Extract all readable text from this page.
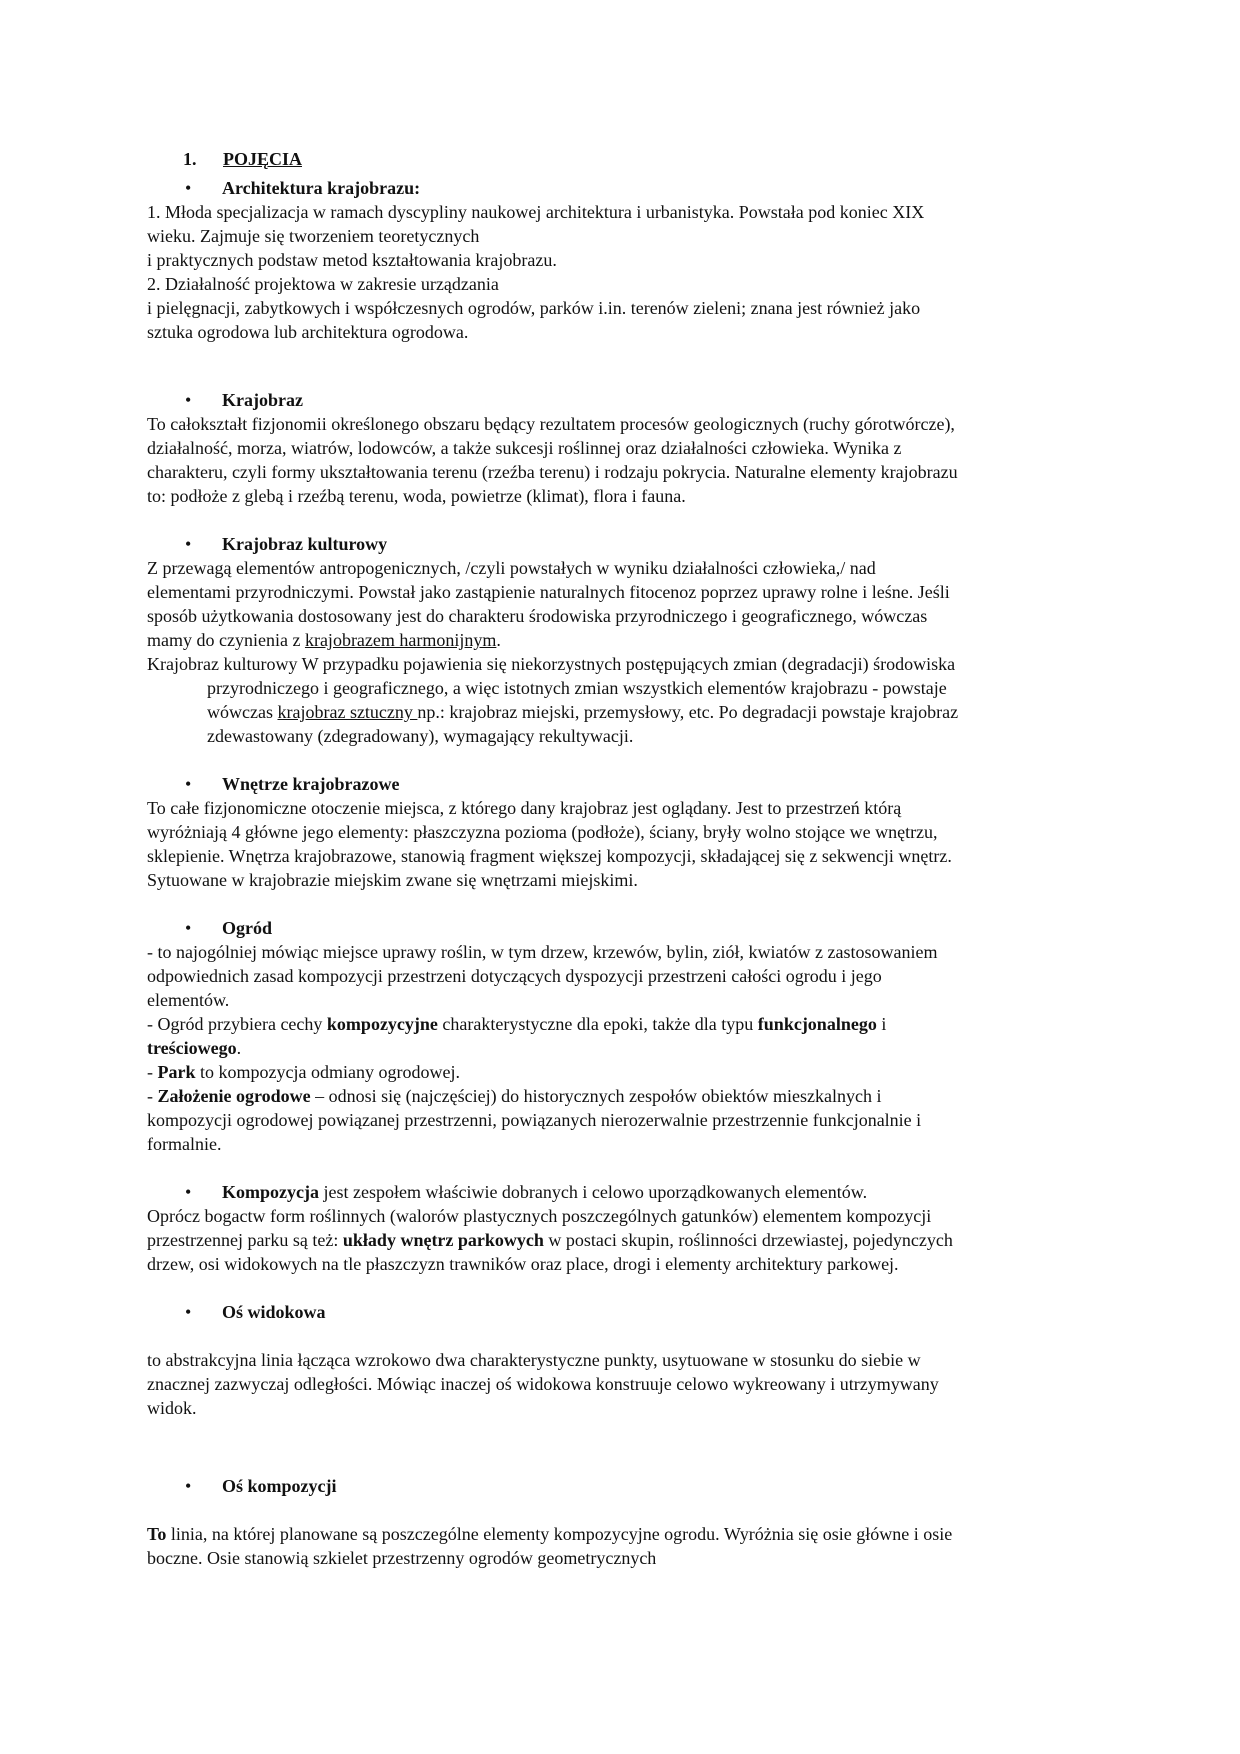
1. POJĘCIA

• Architektura krajobrazu:

1. Młoda specjalizacja w ramach dyscypliny naukowej architektura i urbanistyka. Powstała pod koniec XIX

wieku. Zajmuje się tworzeniem teoretycznych

i praktycznych podstaw metod kształtowania krajobrazu.

2. Działalność projektowa w zakresie urządzania

i pielęgnacji, zabytkowych i współczesnych ogrodów, parków i.in. terenów zieleni; znana jest również jako

sztuka ogrodowa lub architektura ogrodowa.

• Krajobraz

To całokształt fizjonomii określonego obszaru będący rezultatem procesów geologicznych (ruchy górotwórcze),

działalność, morza, wiatrów, lodowców, a także sukcesji roślinnej oraz działalności człowieka. Wynika z

charakteru, czyli formy ukształtowania terenu (rzeźba terenu) i rodzaju pokrycia. Naturalne elementy krajobrazu

to: podłoże z glebą i rzeźbą terenu, woda, powietrze (klimat), flora i fauna.

• Krajobraz kulturowy

Z przewagą elementów antropogenicznych, /czyli powstałych w wyniku działalności człowieka,/ nad

elementami przyrodniczymi. Powstał jako zastąpienie naturalnych fitocenoz poprzez uprawy rolne i leśne. Jeśli

sposób użytkowania dostosowany jest do charakteru środowiska przyrodniczego i geograficznego, wówczas

mamy do czynienia z krajobrazem harmonijnym.

Krajobraz kulturowy W przypadku pojawienia się niekorzystnych postępujących zmian (degradacji) środowiska

przyrodniczego i geograficznego, a więc istotnych zmian wszystkich elementów krajobrazu - powstaje

wówczas krajobraz sztuczny np.: krajobraz miejski, przemysłowy, etc. Po degradacji powstaje krajobraz

zdewastowany (zdegradowany), wymagający rekultywacji.

• Wnętrze krajobrazowe

To całe fizjonomiczne otoczenie miejsca, z którego dany krajobraz jest oglądany. Jest to przestrzeń którą

wyróżniają 4 główne jego elementy: płaszczyzna pozioma (podłoże), ściany, bryły wolno stojące we wnętrzu,

sklepienie. Wnętrza krajobrazowe, stanowią fragment większej kompozycji, składającej się z sekwencji wnętrz.

Sytuowane w krajobrazie miejskim zwane się wnętrzami miejskimi.

• Ogród

- to najogólniej mówiąc miejsce uprawy roślin, w tym drzew, krzewów, bylin, ziół, kwiatów z zastosowaniem

odpowiednich zasad kompozycji przestrzeni dotyczących dyspozycji przestrzeni całości ogrodu i jego

elementów.

- Ogród przybiera cechy kompozycyjne charakterystyczne dla epoki, także dla typu funkcjonalnego i

treściowego.

- Park to kompozycja odmiany ogrodowej.

- Założenie ogrodowe – odnosi się (najczęściej) do historycznych zespołów obiektów mieszkalnych i

kompozycji ogrodowej powiązanej przestrzenni, powiązanych nierozerwalnie przestrzennie funkcjonalnie i

formalnie.

• Kompozycja jest zespołem właściwie dobranych i celowo uporządkowanych elementów.

Oprócz bogactw form roślinnych (walorów plastycznych poszczególnych gatunków) elementem kompozycji

przestrzennej parku są też: układy wnętrz parkowych w postaci skupin, roślinności drzewiastej, pojedynczych

drzew, osi widokowych na tle płaszczyzn trawników oraz place, drogi i elementy architektury parkowej.

• Oś widokowa

to abstrakcyjna linia łącząca wzrokowo dwa charakterystyczne punkty, usytuowane w stosunku do siebie w

znacznej zazwyczaj odległości. Mówiąc inaczej oś widokowa konstruuje celowo wykreowany i utrzymywany

widok.

• Oś kompozycji

To linia, na której planowane są poszczególne elementy kompozycyjne ogrodu. Wyróżnia się osie główne i osie

boczne. Osie stanowią szkielet przestrzenny ogrodów geometrycznych
